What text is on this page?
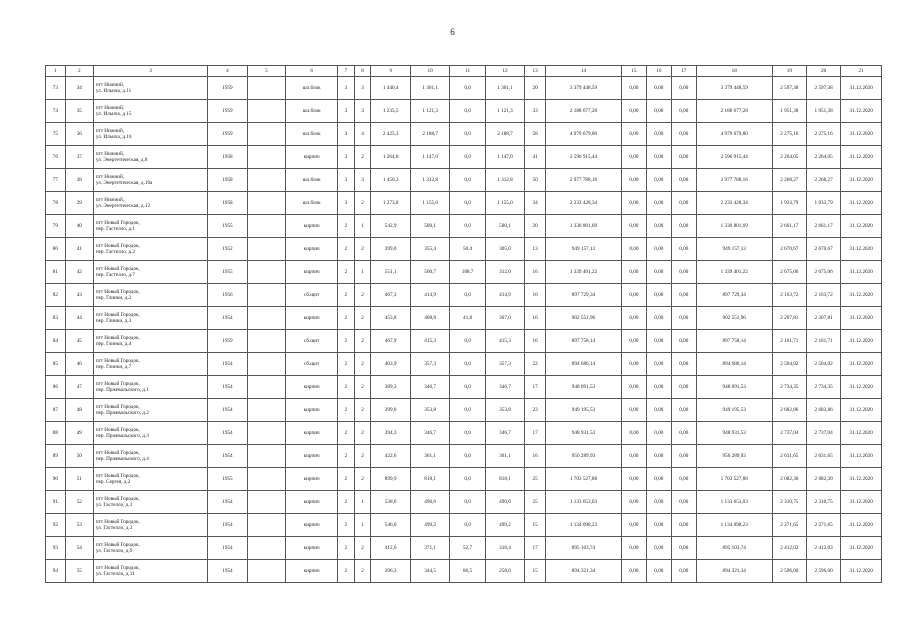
6
1	2	3	4	5	6	7	8	9	10	11	12	13	14	15	16	17	18	19	20	21
73	34	пгт Нижний,
ул. Ильича, д.11	1959		шл.блок	3	3	1 440,4	1 301,1	0,0	1 301,1	20	3 379 448,59	0,00	0,00	0,00	3 379 448,59	2 597,38	2 597,38	31.12.2020
74	35	пгт Нижний,
ул. Ильича, д.15	1959		шл.блок	3	3	1 235,5	1 121,3	0,0	1 121,3	33	2 188 677,28	0,00	0,00	0,00	2 188 677,28	1 951,38	1 951,38	31.12.2020
75	36	пгт Нижний,
ул. Ильича, д.16	1959		шл.блок	3	4	2 425,3	2 188,7	0,0	2 188,7	58	4 979 679,80	0,00	0,00	0,00	4 979 679,80	2 275,16	2 275,16	31.12.2020
76	37	пгт Нижний,
ул. Энергетическая, д.8	1958		кирпич	3	2	1 264,8	1 147,0	0,0	1 147,0	41	2 596 915,44	0,00	0,00	0,00	2 596 915,44	2 264,05	2 264,05	31.12.2020
77	38	пгт Нижний,
ул. Энергетическая, д.10а	1958		шл.блок	3	3	1 450,3	1 312,8	0,0	1 312,8	50	2 977 788,16	0,00	0,00	0,00	2 977 788,16	2 268,27	2 268,27	31.12.2020
78	39	пгт Нижний,
ул. Энергетическая, д.12	1958		шл.блок	3	2	1 273,8	1 155,0	0,0	1 155,0	34	2 233 428,34	0,00	0,00	0,00	2 233 428,34	1 933,79	1 933,79	31.12.2020
79	40	пгт Новый Городок,
пер. Гастелло, д.1	1955		кирпич	2	1	542,9	500,1	0,0	500,1	20	1 330 801,69	0,00	0,00	0,00	1 330 801,69	2 661,17	2 661,17	31.12.2020
80	41	пгт Новый Городок,
пер. Гастелло, д.2	1952		кирпич	2	2	399,0	355,4	50,4	305,0	13	949 157,13	0,00	0,00	0,00	949 157,13	2 670,67	2 670,67	31.12.2020
81	42	пгт Новый Городок,
пер. Гастелло, д.7	1955		кирпич	2	1	551,1	500,7	188,7	312,0	16	1 339 401,22	0,00	0,00	0,00	1 339 401,22	2 675,06	2 675,06	31.12.2020
82	43	пгт Новый Городок,
пер. Глинки, д.2	1956		сб.щит	2	2	467,3	414,9	0,0	414,9	16	897 729,34	0,00	0,00	0,00	897 729,34	2 163,72	2 163,72	31.12.2020
83	44	пгт Новый Городок,
пер. Глинки, д.3	1954		кирпич	2	2	453,8	408,8	41,8	367,0	16	902 551,96	0,00	0,00	0,00	902 551,96	2 207,81	2 207,81	31.12.2020
84	45	пгт Новый Городок,
пер. Глинки, д.4	1959		сб.щит	2	2	467,9	415,3	0,0	415,3	16	897 758,14	0,00	0,00	0,00	897 758,14	2 161,71	2 161,71	31.12.2020
85	46	пгт Новый Городок,
пер. Глинки, д.7	1954		сб.щит	2	2	403,9	357,3	0,0	357,3	22	894 686,14	0,00	0,00	0,00	894 686,14	2 504,02	2 504,02	31.12.2020
86	47	пгт Новый Городок,
пер. Пржевальского, д.1	1954		кирпич	2	2	389,3	346,7	0,0	346,7	17	948 091,53	0,00	0,00	0,00	948 091,53	2 734,35	2 734,35	31.12.2020
87	48	пгт Новый Городок,
пер. Пржевальского, д.2	1954		кирпич	2	2	399,0	353,8	0,0	353,8	23	949 195,53	0,00	0,00	0,00	949 195,53	2 682,86	2 682,86	31.12.2020
88	49	пгт Новый Городок,
пер. Пржевальского, д.3	1954		кирпич	2	2	394,3	346,7	0,0	346,7	17	948 931,53	0,00	0,00	0,00	948 931,53	2 737,04	2 737,04	31.12.2020
89	50	пгт Новый Городок,
пер. Пржевальского, д.4	1954		кирпич	2	2	422,6	361,1	0,0	361,1	16	950 289,93	0,00	0,00	0,00	950 289,93	2 631,65	2 631,65	31.12.2020
90	51	пгт Новый Городок,
пер. Сергея, д.2	1955		кирпич	2	2	899,9	818,1	0,0	818,1	25	1 703 527,88	0,00	0,00	0,00	1 703 527,88	2 082,30	2 082,30	31.12.2020
91	52	пгт Новый Городок,
ул. Гастелло, д.1	1954		кирпич	2	1	538,6	490,6	0,0	490,6	25	1 133 653,03	0,00	0,00	0,00	1 133 653,03	2 310,75	2 310,75	31.12.2020
92	53	пгт Новый Городок,
ул. Гастелло, д.3	1954		кирпич	2	1	546,0	499,2	0,0	499,2	15	1 134 098,23	0,00	0,00	0,00	1 134 098,23	2 271,65	2 271,65	31.12.2020
93	54	пгт Новый Городок,
ул. Гастелло, д.9	1954		кирпич	2	2	412,6	371,1	52,7	318,4	17	895 103,74	0,00	0,00	0,00	895 103,74	2 412,03	2 412,03	31.12.2020
94	55	пгт Новый Городок,
ул. Гастелло, д.11	1954		кирпич	2	2	396,3	344,5	86,5	258,0	15	894 321,34	0,00	0,00	0,00	894 321,34	2 596,00	2 596,00	31.12.2020
